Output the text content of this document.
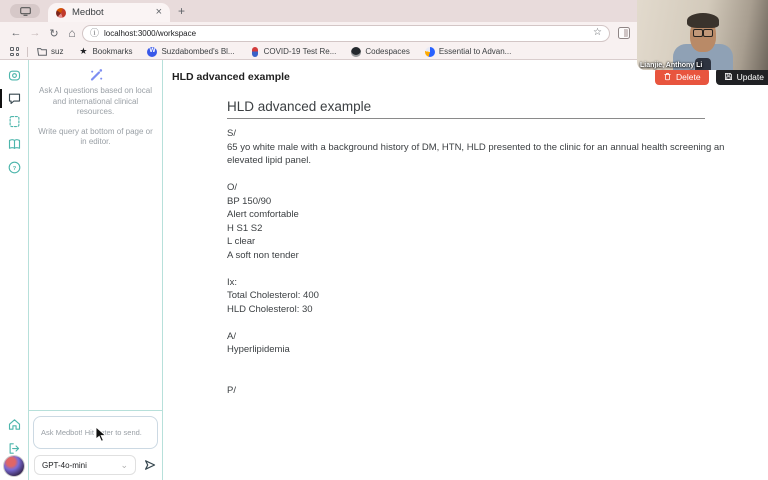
Medbot	× +
← → ↻ ⌂	ⓘ localhost:3000/workspace	☆
suz ★ Bookmarks	W Suzdabombed's Bl...	COVID-19 Test Re...	Codespaces	Essential to Advan...
?
Ask AI questions based on local and international clinical resources.
Write query at bottom of page or in editor.
Ask Medbot! Hit enter to send.
GPT-4o-mini	⌄
HLD advanced example
HLD advanced example
S/
65 yo white male with a background history of DM, HTN, HLD presented to the clinic for an annual health screening an
elevated lipid panel.
O/
BP 150/90
Alert comfortable
H S1 S2
L clear
A soft non tender
Ix:
Total Cholesterol: 400
HLD Cholesterol: 30
A/
Hyperlipidemia
P/
Delete	Update
Lianjie, Anthony Li
